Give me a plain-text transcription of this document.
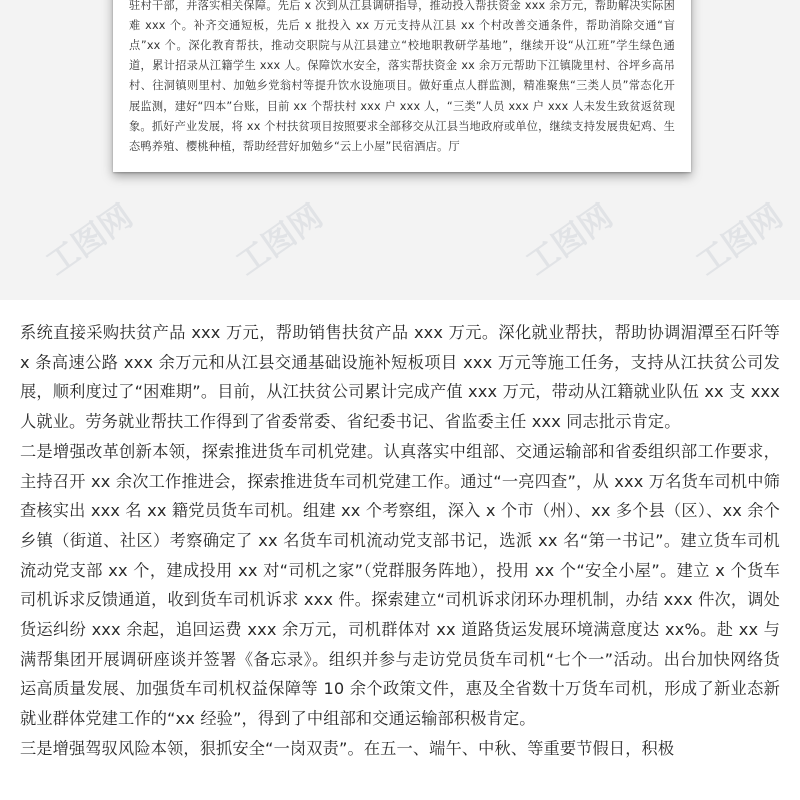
驻村干部，并落实相关保障。先后 x 次到从江县调研指导，推动投入帮扶资金 xxx 余万元，帮助解决实际困难 xxx 个。补齐交通短板，先后 x 批投入 xx 万元支持从江县 xx 个村改善交通条件，帮助消除交通“盲点”xx 个。深化教育帮扶，推动交职院与从江县建立“校地职教研学基地”，继续开设“从江班”学生绿色通道，累计招录从江籍学生 xxx 人。保障饮水安全，落实帮扶资金 xx 余万元帮助下江镇陇里村、谷坪乡高吊村、往洞镇则里村、加勉乡党翁村等提升饮水设施项目。做好重点人群监测，精准聚焦“三类人员”常态化开展监测，建好“四本”台账，目前 xx 个帮扶村 xxx 户 xxx 人，“三类”人员 xxx 户 xxx 人未发生致贫返贫现象。抓好产业发展，将 xx 个村扶贫项目按照要求全部移交从江县当地政府或单位，继续支持发展贵妃鸡、生态鸭养殖、樱桃种植，帮助经营好加勉乡“云上小屋”民宿酒店。厅

工图网	工图网	工图网 工图网

系统直接采购扶贫产品 xxx 万元，帮助销售扶贫产品 xxx 万元。深化就业帮扶，帮助协调湄潭至石阡等 x 条高速公路 xxx 余万元和从江县交通基础设施补短板项目 xxx 万元等施工任务，支持从江扶贫公司发展，顺利度过了“困难期”。目前，从江扶贫公司累计完成产值 xxx 万元，带动从江籍就业队伍 xx 支 xxx 人就业。劳务就业帮扶工作得到了省委常委、省纪委书记、省监委主任 xxx 同志批示肯定。

二是增强改革创新本领，探索推进货车司机党建。认真落实中组部、交通运输部和省委组织部工作要求，主持召开 xx 余次工作推进会，探索推进货车司机党建工作。通过“一亮四查”，从 xxx 万名货车司机中筛查核实出 xxx 名 xx 籍党员货车司机。组建 xx 个考察组，深入 x 个市（州）、xx 多个县（区）、xx 余个乡镇（街道、社区）考察确定了 xx 名货车司机流动党支部书记，选派 xx 名“第一书记”。建立货车司机流动党支部 xx 个，建成投用 xx 对“司机之家”（党群服务阵地），投用 xx 个“安全小屋”。建立 x 个货车司机诉求反馈通道，收到货车司机诉求 xxx 件。探索建立“司机诉求闭环办理机制，办结 xxx 件次，调处货运纠纷 xxx 余起，追回运费 xxx 余万元，司机群体对 xx 道路货运发展环境满意度达 xx%。赴 xx 与满帮集团开展调研座谈并签署《备忘录》。组织并参与走访党员货车司机“七个一”活动。出台加快网络货运高质量发展、加强货车司机权益保障等 10 余个政策文件，惠及全省数十万货车司机，形成了新业态新就业群体党建工作的“xx 经验”，得到了中组部和交通运输部积极肯定。

三是增强驾驭风险本领，狠抓安全“一岗双责”。在五一、端午、中秋、等重要节假日，积极
